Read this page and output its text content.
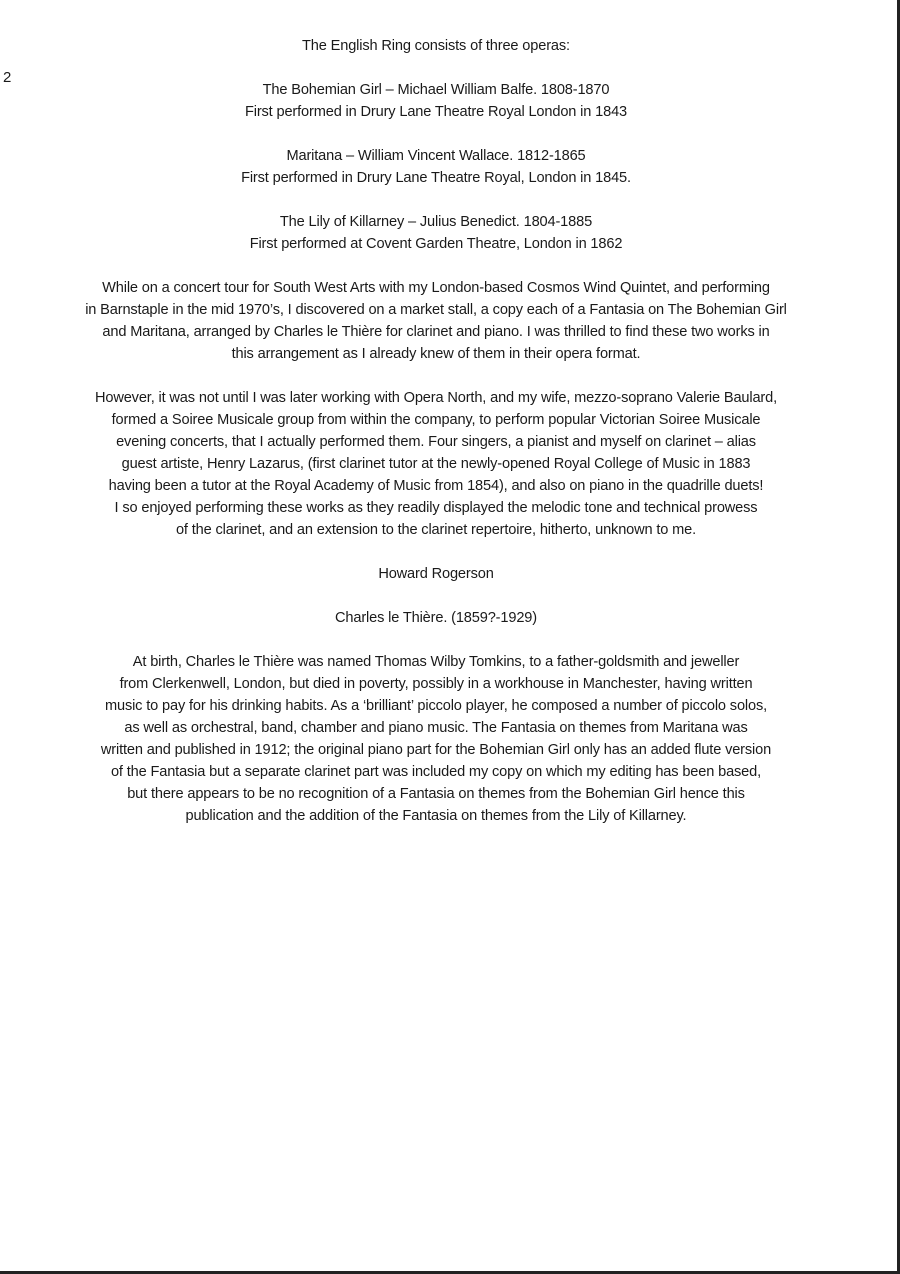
2
The English Ring consists of three operas:
The Bohemian Girl – Michael William Balfe. 1808-1870
First performed in Drury Lane Theatre Royal London in 1843
Maritana – William Vincent Wallace. 1812-1865
First performed in Drury Lane Theatre Royal, London in 1845.
The Lily of Killarney – Julius Benedict. 1804-1885
First performed at Covent Garden Theatre, London in 1862
While on a concert tour for South West Arts with my London-based Cosmos Wind Quintet, and performing
in Barnstaple in the mid 1970’s, I discovered on a market stall, a copy each of a Fantasia on The Bohemian Girl
and Maritana, arranged by Charles le Thière for clarinet and piano. I was thrilled to find these two works in
this arrangement as I already knew of them in their opera format.
However, it was not until I was later working with Opera North, and my wife, mezzo-soprano Valerie Baulard,
formed a Soiree Musicale group from within the company, to perform popular Victorian Soiree Musicale
evening concerts, that I actually performed them. Four singers, a pianist and myself on clarinet – alias
guest artiste, Henry Lazarus, (first clarinet tutor at the newly-opened Royal College of Music in 1883
having been a tutor at the Royal Academy of Music from 1854), and also on piano in the quadrille duets!
I so enjoyed performing these works as they readily displayed the melodic tone and technical prowess
of the clarinet, and an extension to the clarinet repertoire, hitherto, unknown to me.
Howard Rogerson
Charles le Thière. (1859?-1929)
At birth, Charles le Thière was named Thomas Wilby Tomkins, to a father-goldsmith and jeweller
from Clerkenwell, London, but died in poverty, possibly in a workhouse in Manchester, having written
music to pay for his drinking habits. As a ‘brilliant’ piccolo player, he composed a number of piccolo solos,
as well as orchestral, band, chamber and piano music. The Fantasia on themes from Maritana was
written and published in 1912; the original piano part for the Bohemian Girl only has an added flute version
of the Fantasia but a separate clarinet part was included my copy on which my editing has been based,
but there appears to be no recognition of a Fantasia on themes from the Bohemian Girl hence this
publication and the addition of the Fantasia on themes from the Lily of Killarney.
